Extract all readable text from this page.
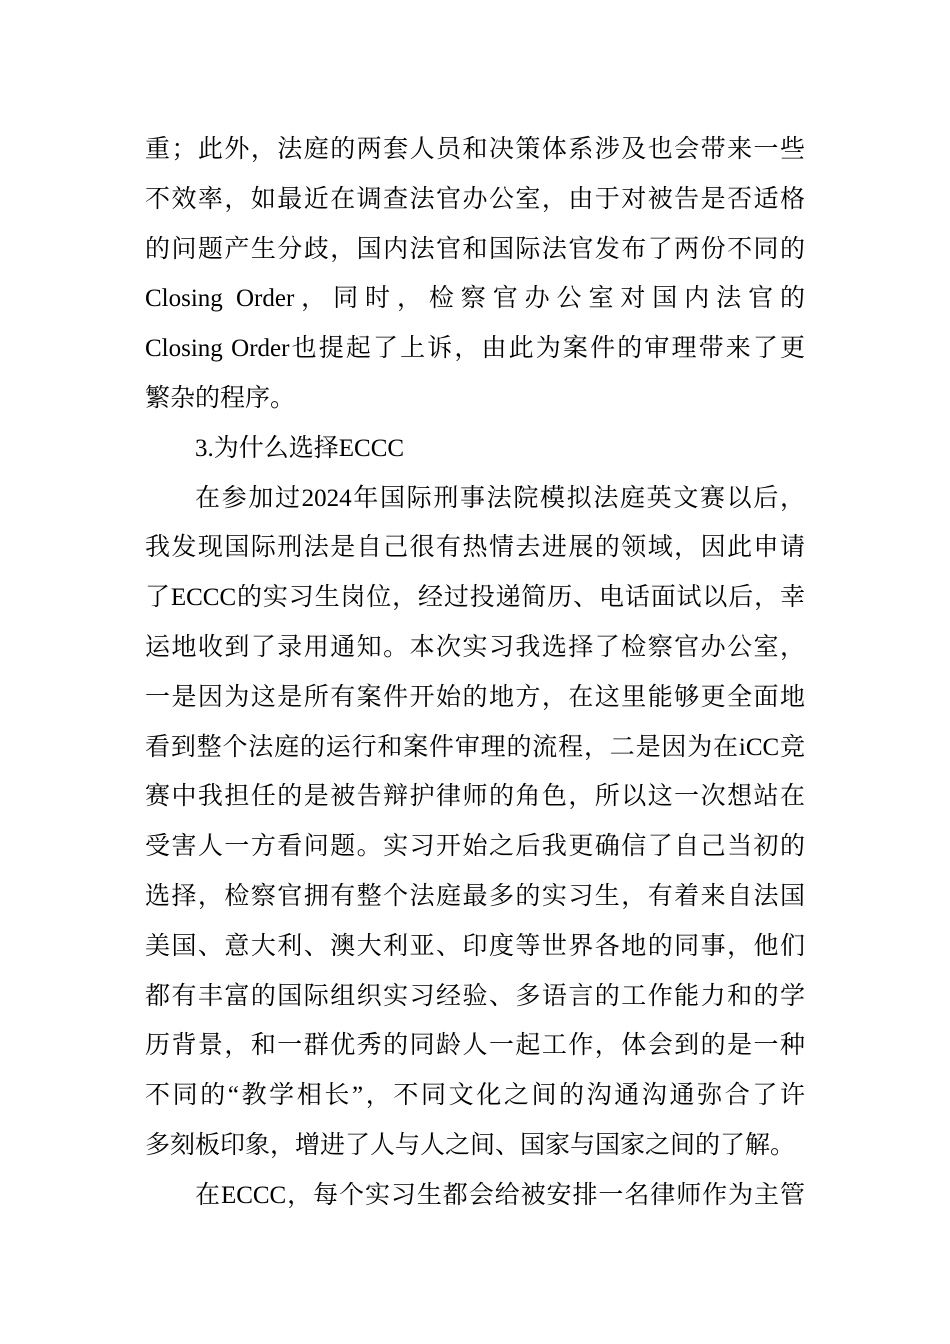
重；此外，法庭的两套人员和决策体系涉及也会带来一些
不效率，如最近在调查法官办公室，由于对被告是否适格
的问题产生分歧，国内法官和国际法官发布了两份不同的
Closing Order，同时，检察官办公室对国内法官的
Closing Order也提起了上诉，由此为案件的审理带来了更
繁杂的程序。
3.为什么选择ECCC
在参加过2024年国际刑事法院模拟法庭英文赛以后，
我发现国际刑法是自己很有热情去进展的领域，因此申请
了ECCC的实习生岗位，经过投递简历、电话面试以后，幸
运地收到了录用通知。本次实习我选择了检察官办公室，
一是因为这是所有案件开始的地方，在这里能够更全面地
看到整个法庭的运行和案件审理的流程，二是因为在iCC竞
赛中我担任的是被告辩护律师的角色，所以这一次想站在
受害人一方看问题。实习开始之后我更确信了自己当初的
选择，检察官拥有整个法庭最多的实习生，有着来自法国
美国、意大利、澳大利亚、印度等世界各地的同事，他们
都有丰富的国际组织实习经验、多语言的工作能力和的学
历背景，和一群优秀的同龄人一起工作，体会到的是一种
不同的“教学相长”，不同文化之间的沟通沟通弥合了许
多刻板印象，增进了人与人之间、国家与国家之间的了解。
在ECCC，每个实习生都会给被安排一名律师作为主管
